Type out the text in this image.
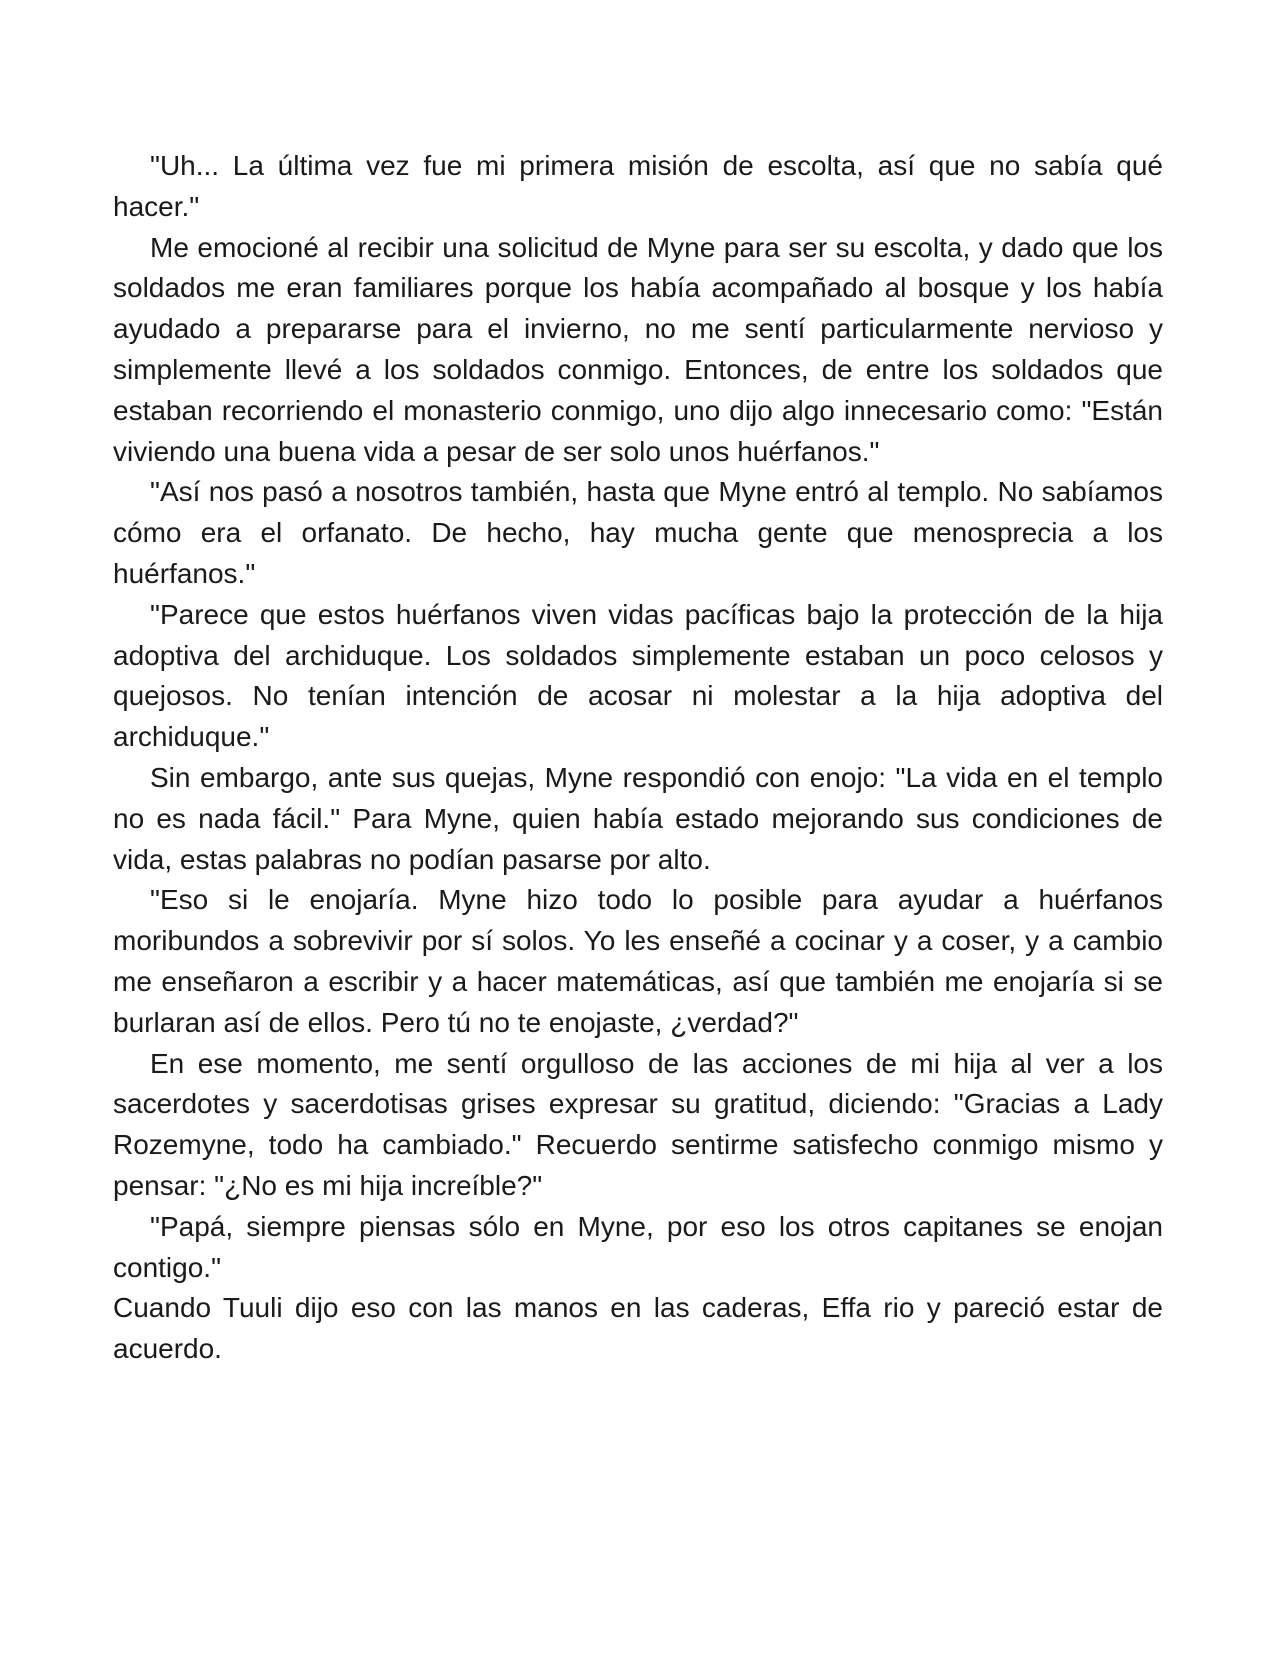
"Uh... La última vez fue mi primera misión de escolta, así que no sabía qué hacer."

Me emocioné al recibir una solicitud de Myne para ser su escolta, y dado que los soldados me eran familiares porque los había acompañado al bosque y los había ayudado a prepararse para el invierno, no me sentí particularmente nervioso y simplemente llevé a los soldados conmigo. Entonces, de entre los soldados que estaban recorriendo el monasterio conmigo, uno dijo algo innecesario como: "Están viviendo una buena vida a pesar de ser solo unos huérfanos."

"Así nos pasó a nosotros también, hasta que Myne entró al templo. No sabíamos cómo era el orfanato. De hecho, hay mucha gente que menosprecia a los huérfanos."

"Parece que estos huérfanos viven vidas pacíficas bajo la protección de la hija adoptiva del archiduque. Los soldados simplemente estaban un poco celosos y quejosos. No tenían intención de acosar ni molestar a la hija adoptiva del archiduque."

Sin embargo, ante sus quejas, Myne respondió con enojo: "La vida en el templo no es nada fácil." Para Myne, quien había estado mejorando sus condiciones de vida, estas palabras no podían pasarse por alto.

"Eso si le enojaría. Myne hizo todo lo posible para ayudar a huérfanos moribundos a sobrevivir por sí solos. Yo les enseñé a cocinar y a coser, y a cambio me enseñaron a escribir y a hacer matemáticas, así que también me enojaría si se burlaran así de ellos. Pero tú no te enojaste, ¿verdad?"

En ese momento, me sentí orgulloso de las acciones de mi hija al ver a los sacerdotes y sacerdotisas grises expresar su gratitud, diciendo: "Gracias a Lady Rozemyne, todo ha cambiado." Recuerdo sentirme satisfecho conmigo mismo y pensar: "¿No es mi hija increíble?"

"Papá, siempre piensas sólo en Myne, por eso los otros capitanes se enojan contigo."

Cuando Tuuli dijo eso con las manos en las caderas, Effa rio y pareció estar de acuerdo.
